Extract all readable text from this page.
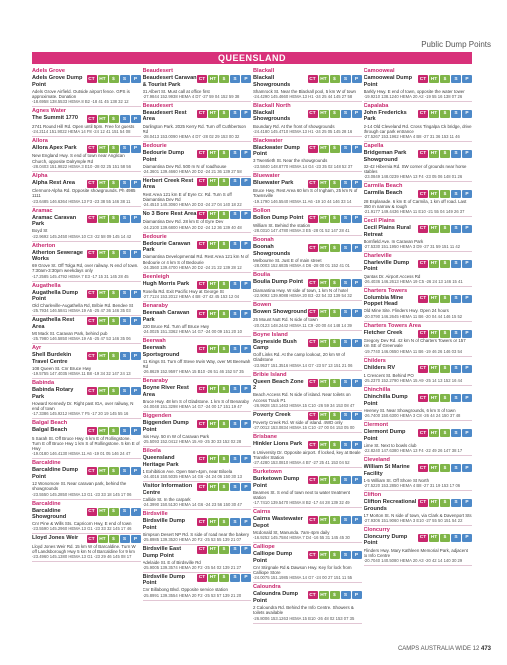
Public Dump Points
QUEENSLAND
Adels Grove
Adels Grove Dump Point
CT HT	$	S	P
Adels Grove Airfield. Outside airport fence. GPS is approximate. Donation
-18.6958 138.5533 HEMA 8 B2 -18 41 45 138 32 12
Agnes Water
The Summit 1770	CT HT	$	S	P
2741 Round Hill Rd. Open until 5pm. Free for guests
-24.2114 151.9022 HEMA 14 F8 -24 12 41 151 54 08
Allora
Allora Apex Park	CT HT	$	S	P
New England Hwy. S end of town near Anglican Church, opposite Dalrymple Rd
-28.0403 151.9822 HEMA 3 E10 -28 02 25 151 58 56
Alpha
Alpha Rest Area	CT HT	$	S	P
Clermont-Alpha Rd. Opposite showgrounds. Ph 4985 1111
-23.6485 146.6364 HEMA 13 F3 -23 38 55 146 38 11
Aramac
Aramac Caravan Park
CT HT	$	S	P
Boyd St
-22.9692 145.2450 HEMA 10 C3 -22 58 09 145 14 42
Atherton
Atherton Sewerage Works
CT HT	$	S	P
69 Grove St. Off Tolga Rd, over railway. N end of town. 7:30am-3:30pm weekdays only
-17.2585 145.4792 HEMA 7 E3 -17 15 31 145 28 45
Augathella
Augathella Dump Point
CT HT	$	S	P
Old Charleville-Augathella Rd, Bribie Rd. Bendee St
-25.7934 146.5841 HEMA 19 A5 -25 47 36 146 35 03
Augathella Rest Area
CT HT	$	S	P
Mt Mack St. Caravan Park, behind pub
-25.7980 146.5850 HEMA 19 A5 -25 47 53 146 35 06
Ayr
Shell Burdekin Travel Centre
CT HT	$	S	P
108 Queen St. Cnr Bruce Hwy
-19.5755 147.4035 HEMA 11 B8 -19 34 32 147 24 13
Babinda
Babinda Rotary Park
CT HT	$	S	P
Howard Kennedy Dr. Right past IGA, over railway, N end of town
-17.3386 145.9212 HEMA 7 F5 -17 20 19 145 55 16
Balgal Beach
Balgal Beach	CT HT	$	S	P
5 Sarah St. Off Bruce Hwy. 6 km E of Rollingstone. Turn E off Bruce Hwy 1 km S of Rollingstone. 5 km E of Hwy
-19.0180 146.4130 HEMA 11 A6 -19 01 05 146 24 47
Barcaldine
Barcaldine Dump Point
CT HT	$	S	P
12 Wonomore St. Near caravan park, behind the showgrounds
-23.5550 145.2850 HEMA 13 G1 -23 33 18 145 17 06
Barcaldine
Barcaldine Showground
CT HT	$	S	P
Cnr Pine & Wills Sts. Capricorn Hwy, E end of town
-23.5590 145.2960 HEMA 13 G1 -23 33 32 145 17 46
Lloyd Jones Weir	CT HT	$	S	P
Lloyd Jones Weir Rd. 15 km W of Barcaldine. Turn W off Landsborough Hwy 5 km N of Barcaldine for 9 km
-23.4960 145.1380 HEMA 13 G1 -23 29 46 145 08 17
Beaudesert
Beaudesert Caravan & Tourist Park
CT HT	$	S	P
31 Albert St. Must call at office first
-27.9844 152.9938 HEMA 4 D7 -27 59 04 152 59 38
Beaudesert
Beaudesert Rest Area
CT HT	$	S	P
Darlington Park. 2025 Kerry Rd. Turn off Cuthbertson Rd
-28.0413 153.0090 HEMA 4 D7 -28 02 29 153 00 32
Bedourie
Bedourie Dump Point
CT HT	$	S	P
Diamantina Dev Rd. 500 m N of roadhouse
-24.3601 139.4660 HEMA 20 D2 -24 21 36 139 27 58
Herbert Creek Rest Area
CT HT	$	S	P
Rest Area 121 km E of Eyre Cr. Rd. Turn S off Diamantina Dev Rd
-24.4510 140.3060 HEMA 20 D3 -24 27 04 140 18 22
No 3 Bore Rest Area CT HT	$	S	P
Diamantina Dev Rd. 28 km E of Eyre Dev
-24.2100 139.6800 HEMA 20 D2 -24 12 36 139 40 48
Bedourie
Bedourie Caravan Park
CT HT	$	S	P
Diamantina Developmental Rd. Rest Area 121 km N of Bedourie or 4 km S of Bedourie
-24.3560 139.4700 HEMA 20 D2 -24 21 22 139 28 12
Beenleigh
Hugh Morris Park	CT HT	$	S	P
Rosella Rd. Exit Pacific Hwy at George St
-27.7124 153.2012 HEMA 4 B8 -27 42 45 153 12 04
Benaraby
Beenaah Caravan Park
CT HT	$	S	P
220 Bruce Rd. Turn off Bruce Hwy
-24.0025 151.3362 HEMA 14 G7 -24 00 09 151 20 10
Beerwah
Beerwah Sportsground
CT HT	$	S	P
41 Kings St. Turn off Steve Irwin Way, over Mt Beerwah Rd
-26.8629 152.9597 HEMA 15 B10 -26 51 46 152 57 35
Benaraby
Boyne River Rest Area
CT HT	$	S	P
Bruce Hwy. 48 km S of Gladstone. 1 km S of Benaraby
-24.0048 151.3298 HEMA 14 G7 -24 00 17 151 19 47
Biggenden
Biggenden Dump Point
CT HT	$	S	P
Isis Hwy. 50 m W of Caravan Park
-25.5093 152.0412 HEMA 15 A9 -25 30 33 152 02 28
Biloela
Queensland Heritage Park
CT HT	$	S	P
1 Exhibition Ave. Open 9am-4pm, near Biloela
-24.4016 150.5035 HEMA 14 G6 -24 24 06 150 30 13
Visitor Information Centre
CT HT	$	S	P
Callide St. In the carpark
-24.3990 150.5130 HEMA 14 G6 -24 23 56 150 30 47
Birdsville
Birdsville Dump Point
CT HT	$	S	P
Simpson Desert NP Rd. S side of road near the bakery
-25.8985 139.3520 HEMA 20 F2 -25 53 55 139 21 07
Birdsville East Dump Point
CT HT	$	S	P
Adelaide St. E of Birdsville Rd
-25.9005 139.3574 HEMA 20 F2 -25 54 02 139 21 27
Birdsville Dump Point
CT HT	$	S	P
Cnr Billabong Blvd. Opposite service station
-25.8991 139.3554 HEMA 20 F2 -25 53 57 139 21 20
Blackall
Blackall Showgrounds
CT HT	$	S	P
Shamrock St. Near the Blackall pool, 5 km W of town
-24.4290 145.4660 HEMA 13 H1 -24 25 44 145 27 58
Blackall North
Blackall Showgrounds
CT HT	$	S	P
Boundary Rd. At the front of showgrounds
-24.4180 145.4710 HEMA 13 H1 -24 25 05 145 28 16
Blackwater
Blackwater Dump Point
CT HT	$	S	P
3 Twentieth St. Near the showgrounds
-23.5840 148.8770 HEMA 14 G4 -23 35 02 148 52 37
Bluewater
Bluewater Park	CT HT	$	S	P
Bruce Hwy. Rest Area 60 km S of Ingham, 25 km N of Townsville
-19.1790 146.5540 HEMA 11 A6 -19 10 44 146 33 14
Bollon
Bollon Dump Point	CT HT	$	S	P
William St. Behind the station
-28.0310 147.4780 HEMA 3 E5 -28 01 52 147 28 41
Boonah
Boonah Showgrounds
CT HT	$	S	P
Melbourne St. Just E of main street
-28.0003 152.6835 HEMA 4 D6 -28 00 01 152 41 01
Boulia
Boulia Dump Point	CT HT	$	S	P
Diamantina Hwy. W side of town, 1 km N of hotel
-22.9092 139.9088 HEMA 20 B3 -22 54 33 139 54 32
Bowen
Bowen Showground CT HT	$	S	P
25 Mount Nutt Rd. N side of town
-20.0123 148.2442 HEMA 11 C9 -20 00 44 148 14 39
Boyne Island
Boyneside Bush Camp
CT HT	$	S	P
Golf Links Rd. At the camp lookout, 20 km W of Gladstone
-23.9537 151.3516 HEMA 14 G7 -23 57 13 151 21 06
Bribie Island
Queen Beach Zone 2
CT HT	$	S	P
Beach Access Rd. N side of island. Near toilets on Access Track P1
-26.9928 153.1463 HEMA 15 C10 -26 59 34 153 08 47
Poverty Creek	CT HT	$	S	P
Poverty Creek Rd. W side of island. 4WD only
-27.0012 153.0834 HEMA 15 C10 -27 00 04 153 05 00
Brisbane
Hinkler Lions Park	CT HT	$	S	P
6 University Dr. Opposite airport. If locked, key at Beale Transfer Station
-27.4280 153.0810 HEMA 4 B7 -27 25 41 153 04 52
Burketown
Burketown Dump Point
CT HT	$	S	P
Beames St. S end of town next to water treatment station
-17.7410 139.5470 HEMA 8 B2 -17 44 28 139 32 49
Cairns
Cairns Wastewater Depot
CT HT	$	S	P
Mcdonald St, Manunda. 7am-4pm daily
-16.9252 145.7584 HEMA 7 D4 -16 55 31 145 45 30
Calliope
Calliope Dump Point
CT HT	$	S	P
Cnr Stirgnale Rd & Dawson Hwy. Key for lock from Calliope Store
-24.0075 151.1985 HEMA 14 G7 -24 00 27 151 11 55
Caloundra
Caloundra Dump Point
CT HT	$	S	P
2 Caloundra Rd. Behind the Info Centre. Showers & toilets available
-26.8006 153.1263 HEMA 15 B10 -26 48 02 153 07 35
Camooweal
Camooweal Dump Point
CT HT	$	S	P
Barkly Hwy. E end of town, opposite the water tower
-19.9210 138.1240 HEMA 20 A2 -19 55 16 138 07 26
Capalaba
John Fredericks Park
CT HT	$	S	P
2-14 Old Cleveland Rd. Cross Tingalpa Ck bridge, drive through car park entrance
-27.5267 153.1962 HEMA 4 B8 -27 31 36 153 11 46
Capella
Bridgeman Park Showground
CT HT	$	S	P
32-42 Hibernia Rd. SW corner of grounds near horse stables
-23.0849 148.0239 HEMA 13 F4 -23 05 06 148 01 26
Carmila Beach
Carmila Beach	CT HT	$	S	P
28 Esplanade. 6 km E of Carmila, 1 km off road. Last 350 m narrow & rough
-21.9177 149.4436 HEMA 11 E10 -21 55 04 149 26 37
Cecil Plains
Cecil Plains Rural Retreat
CT HT	$	S	P
Bomfield Ave. In Caravan Park
-27.5330 151.1950 HEMA 3 D9 -27 31 59 151 11 42
Charleville
Charleville Dump Point
CT HT	$	S	P
Qantas Dr. Airport Access Rd
-26.4036 146.2613 HEMA 19 C5 -26 24 13 146 15 41
Charters Towers
Columbia Mine Poppet Head
CT HT	$	S	P
Old Mine Site. Flinders Hwy. Open 24 hours
-20.0790 146.2645 HEMA 11 B6 -20 04 44 146 15 52
Charters Towers Area
Fletcher Creek	CT HT	$	S	P
Gregory Dev Rd. 42 km N of Charters Towers or 157 km SE of Greenvale
-19.7740 146.0650 HEMA 11 B6 -19 46 26 146 03 54
Childers
Childers RV	CT HT	$	S	P
1 Crescent St. Behind PO
-25.2370 152.2790 HEMA 15 A9 -25 14 13 152 16 44
Chinchilla
Chinchilla Dump Point
CT HT	$	S	P
Heeney St. Near Showgrounds, 6 km S of town
-26.7400 150.6300 HEMA 3 C8 -26 44 24 150 37 48
Clermont
Clermont Dump Point
CT HT	$	S	P
Lime St. Next to bowls club
-22.8240 147.6380 HEMA 13 F4 -22 49 26 147 38 17
Cleveland
William St Marine Facility
CT HT	$	S	P
1-5 William St. Off Shore St North
-27.5220 153.2850 HEMA 4 B8 -27 31 19 153 17 06
Clifton
Clifton Recreational Grounds
CT HT	$	S	P
17 Morton St. N side of town, via Clark & Davenport Sts
-27.9306 151.9060 HEMA 3 E10 -27 55 50 151 54 22
Cloncurry
Cloncurry Dump Point
CT HT	$	S	P
Flinders Hwy. Mary Kathleen Memorial Park, adjacent to Info Centre
-20.7040 140.5080 HEMA 20 A3 -20 42 14 140 30 29
CAMPS AUSTRALIA WIDE 12 473
